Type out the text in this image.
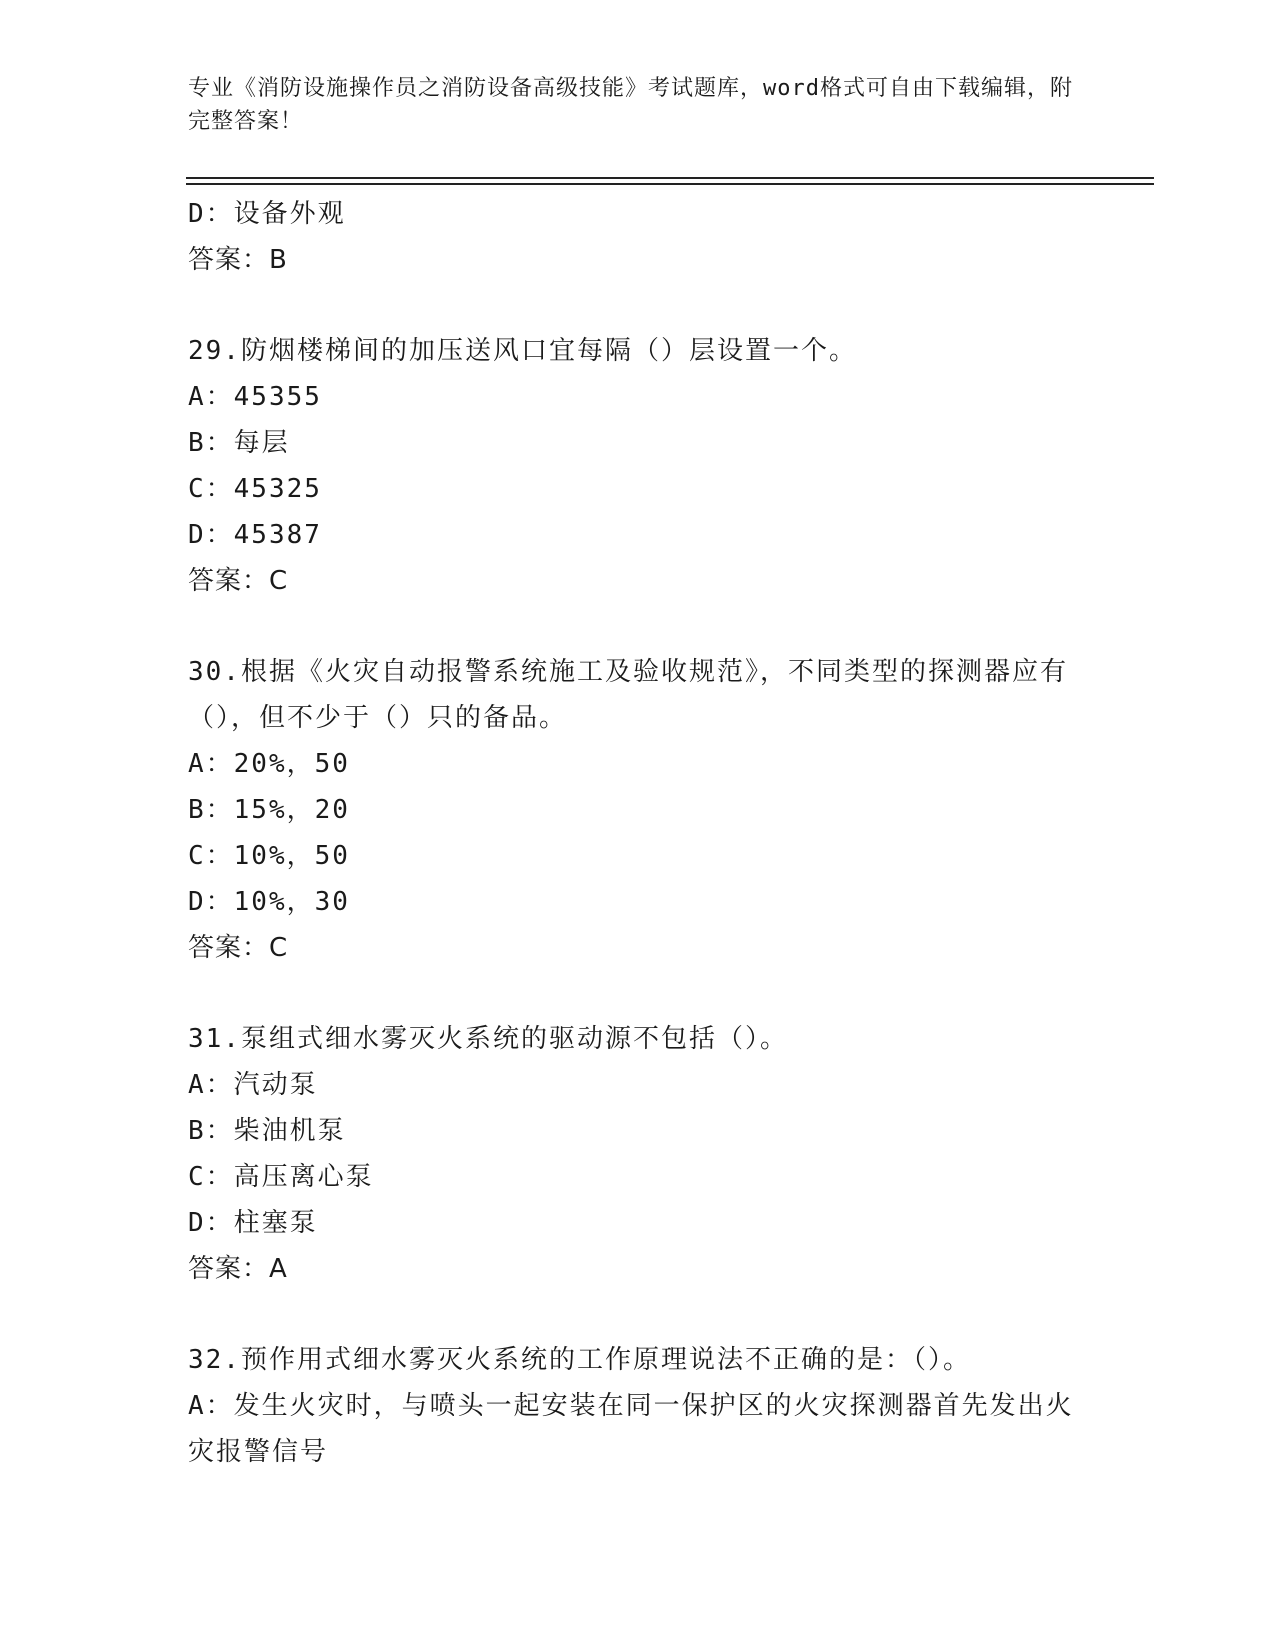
专业《消防设施操作员之消防设备高级技能》考试题库，word格式可自由下载编辑，附完整答案！
D：设备外观
答案：B
29.防烟楼梯间的加压送风口宜每隔（）层设置一个。
A：45355
B：每层
C：45325
D：45387
答案：C
30.根据《火灾自动报警系统施工及验收规范》，不同类型的探测器应有（），但不少于（）只的备品。
A：20%，50
B：15%，20
C：10%，50
D：10%，30
答案：C
31.泵组式细水雾灭火系统的驱动源不包括（）。
A：汽动泵
B：柴油机泵
C：高压离心泵
D：柱塞泵
答案：A
32.预作用式细水雾灭火系统的工作原理说法不正确的是：（）。
A：发生火灾时，与喷头一起安装在同一保护区的火灾探测器首先发出火灾报警信号
